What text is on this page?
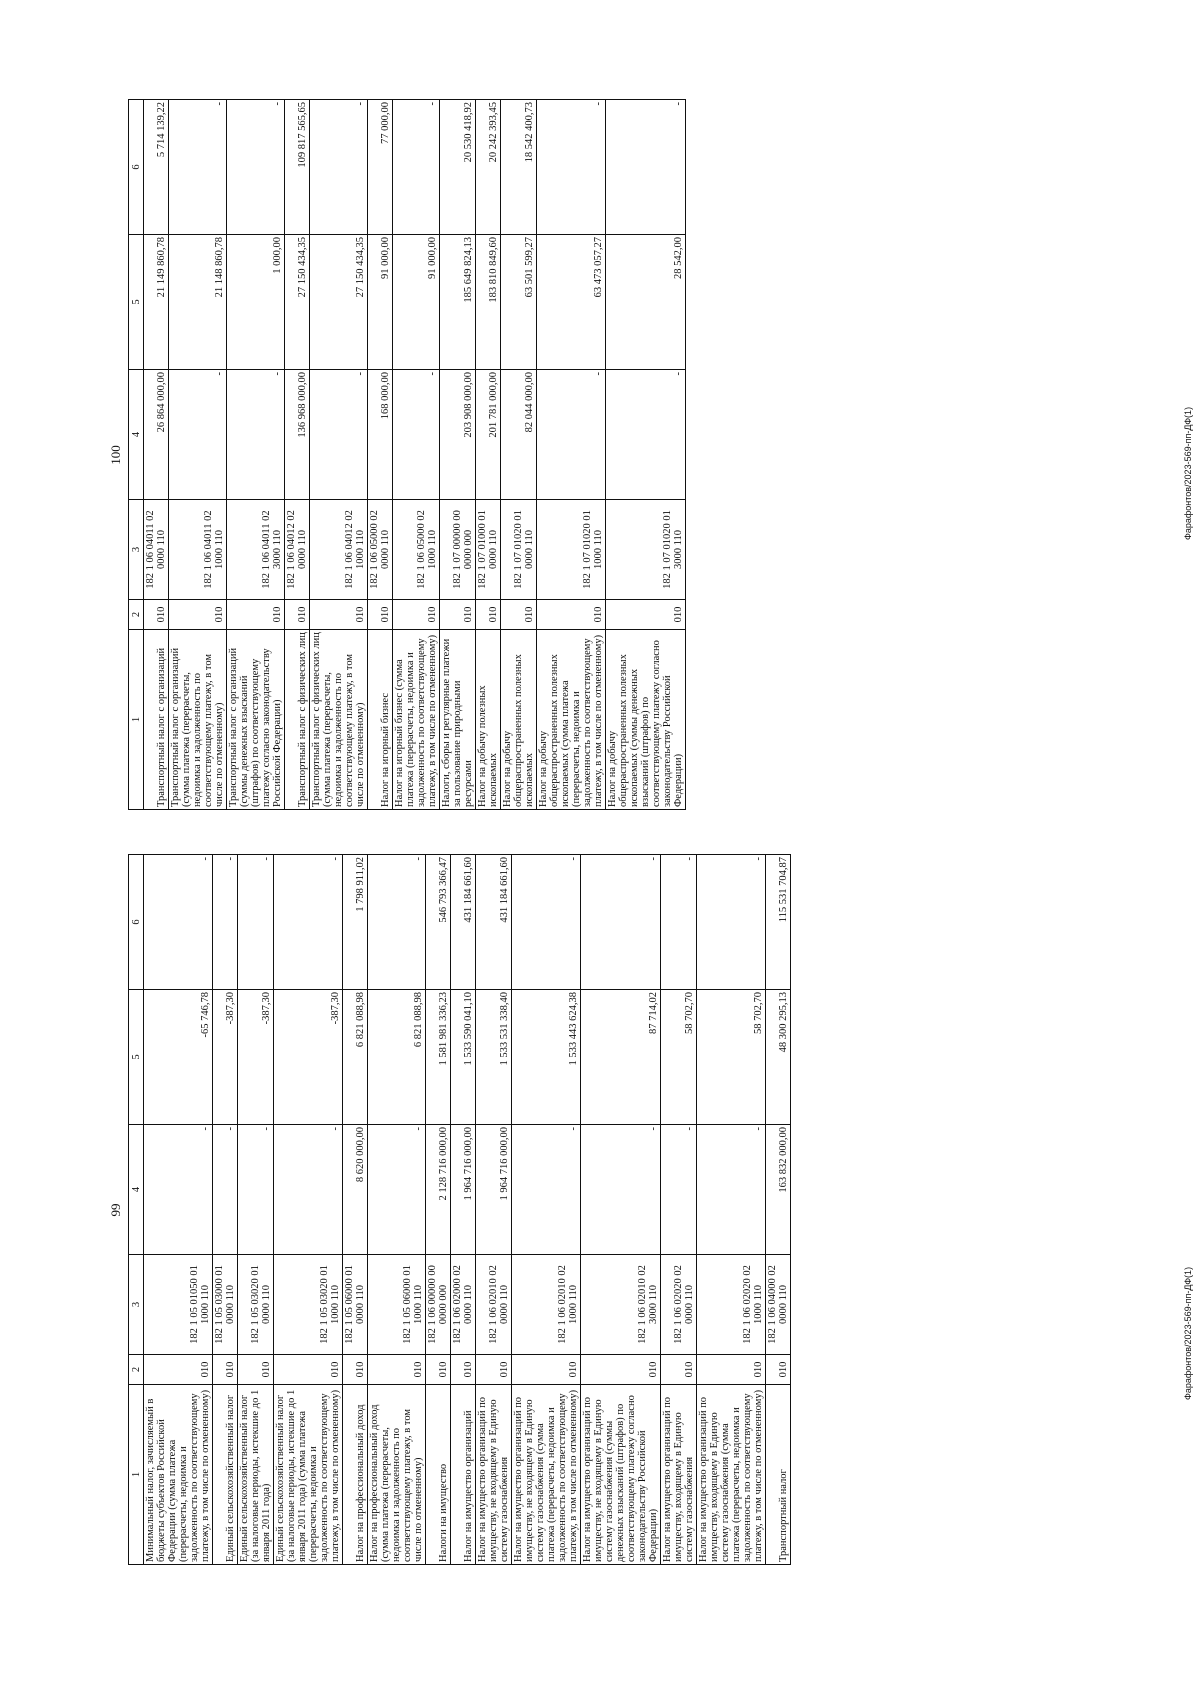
100
1	2	3	4	5	6
Транспортный налог с организаций	010	182 1 06 04011 02 0000 110	26 864 000,00	21 149 860,78	5 714 139,22
Транспортный налог с организаций (сумма платежа (перерасчеты, недоимка и задолженность по соответствующему платежу, в том числе по отмененному)	010	182 1 06 04011 02 1000 110	-	21 148 860,78	-
Транспортный налог с организаций (суммы денежных взысканий (штрафов) по соответствующему платежу согласно законодательству Российской Федерации)	010	182 1 06 04011 02 3000 110	-	1 000,00	-
Транспортный налог с физических лиц	010	182 1 06 04012 02 0000 110	136 968 000,00	27 150 434,35	109 817 565,65
Транспортный налог с физических лиц (сумма платежа (перерасчеты, недоимка и задолженность по соответствующему платежу, в том числе по отмененному)	010	182 1 06 04012 02 1000 110	-	27 150 434,35	-
Налог на игорный бизнес	010	182 1 06 05000 02 0000 110	168 000,00	91 000,00	77 000,00
Налог на игорный бизнес (сумма платежа (перерасчеты, недоимка и задолженность по соответствующему платежу, в том числе по отмененному)	010	182 1 06 05000 02 1000 110	-	91 000,00	-
Налоги, сборы и регулярные платежи за пользование природными ресурсами	010	182 1 07 00000 00 0000 000	203 908 000,00	185 649 824,13	20 530 418,92
Налог на добычу полезных ископаемых	010	182 1 07 01000 01 0000 110	201 781 000,00	183 810 849,60	20 242 393,45
Налог на добычу общераспространенных полезных ископаемых	010	182 1 07 01020 01 0000 110	82 044 000,00	63 501 599,27	18 542 400,73
Налог на добычу общераспространенных полезных ископаемых (сумма платежа (перерасчеты, недоимка и задолженность по соответствующему платежу, в том числе по отмененному)	010	182 1 07 01020 01 1000 110	-	63 473 057,27	-
Налог на добычу общераспространенных полезных ископаемых (суммы денежных взысканий (штрафов) по соответствующему платежу согласно законодательству Российской Федерации)	010	182 1 07 01020 01 3000 110	-	28 542,00	-
99
1	2	3	4	5	6
Минимальный налог, зачисляемый в бюджеты субъектов Российской Федерации (сумма платежа (перерасчеты, недоимка и задолженность по соответствующему платежу, в том числе по отмененному)	010	182 1 05 01050 01 1000 110	-	-65 746,78	-
Единый сельскохозяйственный налог	010	182 1 05 03000 01 0000 110	-	-387,30	-
Единый сельскохозяйственный налог (за налоговые периоды, истекшие до 1 января 2011 года)	010	182 1 05 03020 01 0000 110	-	-387,30	-
Единый сельскохозяйственный налог (за налоговые периоды, истекшие до 1 января 2011 года) (сумма платежа (перерасчеты, недоимка и задолженность по соответствующему платежу, в том числе по отмененному)	010	182 1 05 03020 01 1000 110	-	-387,30	-
Налог на профессиональный доход	010	182 1 05 06000 01 0000 110	8 620 000,00	6 821 088,98	1 798 911,02
Налог на профессиональный доход (сумма платежа (перерасчеты, недоимка и задолженность по соответствующему платежу, в том числе по отмененному)	010	182 1 05 06000 01 1000 110	-	6 821 088,98	-
Налоги на имущество	010	182 1 06 00000 00 0000 000	2 128 716 000,00	1 581 981 336,23	546 793 366,47
Налог на имущество организаций	010	182 1 06 02000 02 0000 110	1 964 716 000,00	1 533 590 041,10	431 184 661,60
Налог на имущество организаций по имуществу, не входящему в Единую систему газоснабжения	010	182 1 06 02010 02 0000 110	1 964 716 000,00	1 533 531 338,40	431 184 661,60
Налог на имущество организаций по имуществу, не входящему в Единую систему газоснабжения (сумма платежа (перерасчеты, недоимка и задолженность по соответствующему платежу, в том числе по отмененному)	010	182 1 06 02010 02 1000 110	-	1 533 443 624,38	-
Налог на имущество организаций по имуществу, не входящему в Единую систему газоснабжения (суммы денежных взысканий (штрафов) по соответствующему платежу согласно законодательству Российской Федерации)	010	182 1 06 02010 02 3000 110	-	87 714,02	-
Налог на имущество организаций по имуществу, входящему в Единую систему газоснабжения	010	182 1 06 02020 02 0000 110	-	58 702,70	-
Налог на имущество организаций по имуществу, входящему в Единую систему газоснабжения (сумма платежа (перерасчеты, недоимка и задолженность по соответствующему платежу, в том числе по отмененному)	010	182 1 06 02020 02 1000 110	-	58 702,70	-
Транспортный налог	010	182 1 06 04000 02 0000 110	163 832 000,00	48 300 295,13	115 531 704,87
Фарафонтов/2023-569-пп-ДФ(1)
Фарафонтов/2023-569-пп-ДФ(1)
